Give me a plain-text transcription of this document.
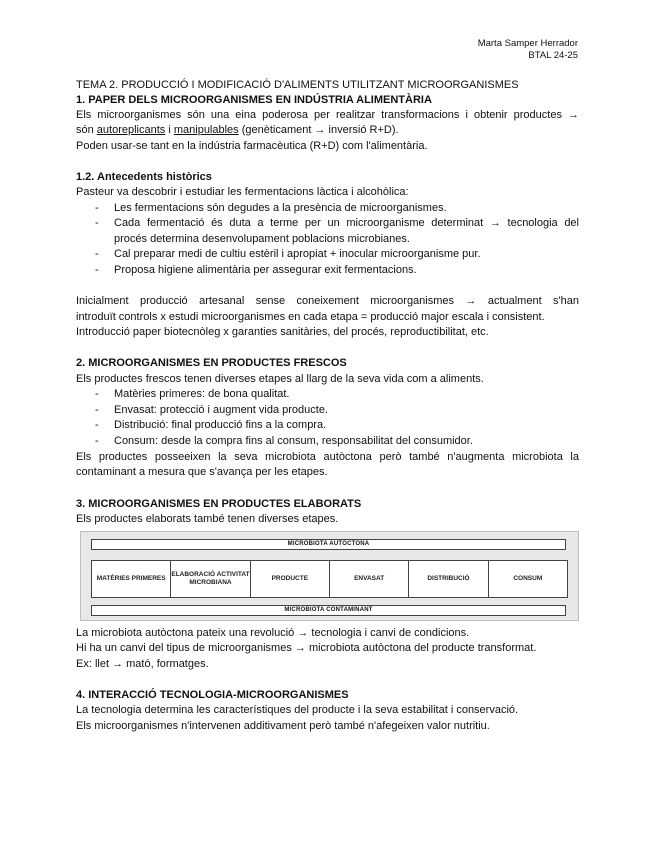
Marta Samper Herrador
BTAL 24-25
TEMA 2. PRODUCCIÓ I MODIFICACIÓ D'ALIMENTS UTILITZANT MICROORGANISMES
1. PAPER DELS MICROORGANISMES EN INDÚSTRIA ALIMENTÀRIA
Els microorganismes són una eina poderosa per realitzar transformacions i obtenir productes →
són autoreplicants i manipulables (genèticament → inversió R+D).
Poden usar-se tant en la indústria farmacèutica (R+D) com l'alimentària.
1.2. Antecedents històrics
Pasteur va descobrir i estudiar les fermentacions làctica i alcohòlica:
- Les fermentacions són degudes a la presència de microorganismes.
- Cada fermentació és duta a terme per un microorganisme determinat → tecnologia del
procés determina desenvolupament poblacions microbianes.
- Cal preparar medi de cultiu estèril i apropiat + inocular microorganisme pur.
- Proposa higiene alimentària per assegurar exit fermentacions.
Inicialment producció artesanal sense coneixement microorganismes → actualment s'han
introduït controls x estudi microorganismes en cada etapa = producció major escala i consistent.
Introducció paper biotecnòleg x garanties sanitàries, del procés, reproductibilitat, etc.
2. MICROORGANISMES EN PRODUCTES FRESCOS
Els productes frescos tenen diverses etapes al llarg de la seva vida com a aliments.
- Matèries primeres: de bona qualitat.
- Envasat: protecció i augment vida producte.
- Distribució: final producció fins a la compra.
- Consum: desde la compra fins al consum, responsabilitat del consumidor.
Els productes posseeixen la seva microbiota autòctona però també n'augmenta microbiota la
contaminant a mesura que s'avança per les etapes.
3. MICROORGANISMES EN PRODUCTES ELABORATS
Els productes elaborats també tenen diverses etapes.
MICROBIOTA AUTÒCTONA
MATÈRIES PRIMERES
ELABORACIÓ ACTIVITAT MICROBIANA
PRODUCTE	ENVASAT	DISTRIBUCIÓ	CONSUM
MICROBIOTA CONTAMINANT
La microbiota autòctona pateix una revolució → tecnologia i canvi de condicions.
Hi ha un canvi del tipus de microorganismes → microbiota autòctona del producte transformat.
Ex: llet → mató, formatges.
4. INTERACCIÓ TECNOLOGIA-MICROORGANISMES
La tecnologia determina les característiques del producte i la seva estabilitat i conservació.
Els microorganismes n'intervenen additivament però també n'afegeixen valor nutritiu.
